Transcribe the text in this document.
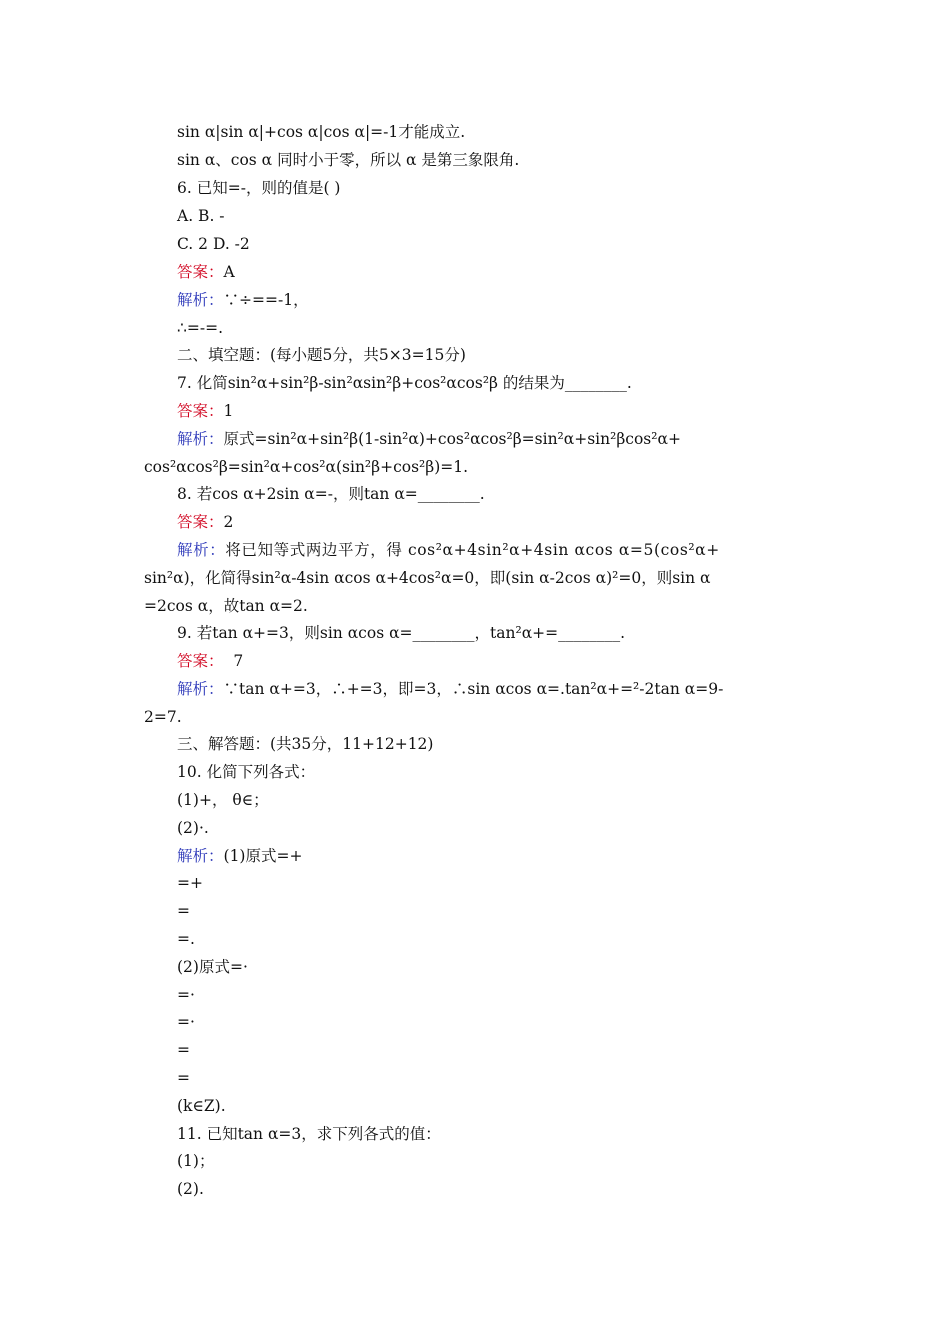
sin α|sin α|+cos α|cos α|=-1才能成立.
sin α、cos α 同时小于零，所以 α 是第三象限角.
6. 已知=-，则的值是( )
A. B. -
C. 2 D. -2
答案：A
解析：∵÷==-1，
∴=-=.
二、填空题：(每小题5分，共5×3=15分)
7. 化简sin²α+sin²β-sin²αsin²β+cos²αcos²β 的结果为________.
答案：1
解析：原式=sin²α+sin²β(1-sin²α)+cos²αcos²β=sin²α+sin²βcos²α+
cos²αcos²β=sin²α+cos²α(sin²β+cos²β)=1.
8. 若cos α+2sin α=-，则tan α=________.
答案：2
解析：将已知等式两边平方，得 cos²α+4sin²α+4sin αcos α=5(cos²α+
sin²α)，化简得sin²α-4sin αcos α+4cos²α=0，即(sin α-2cos α)²=0，则sin α
=2cos α，故tan α=2.
9. 若tan α+=3，则sin αcos α=________，tan²α+=________.
答案：  7
解析：∵tan α+=3，∴+=3，即=3，∴sin αcos α=.tan²α+=²-2tan α=9-
2=7.
三、解答题：(共35分，11+12+12)
10. 化简下列各式：
(1)+， θ∈；
(2)·.
解析：(1)原式=+
=+
=
=.
(2)原式=·
=·
=·
=
=
(k∈Z).
11. 已知tan α=3，求下列各式的值：
(1)；
(2).
